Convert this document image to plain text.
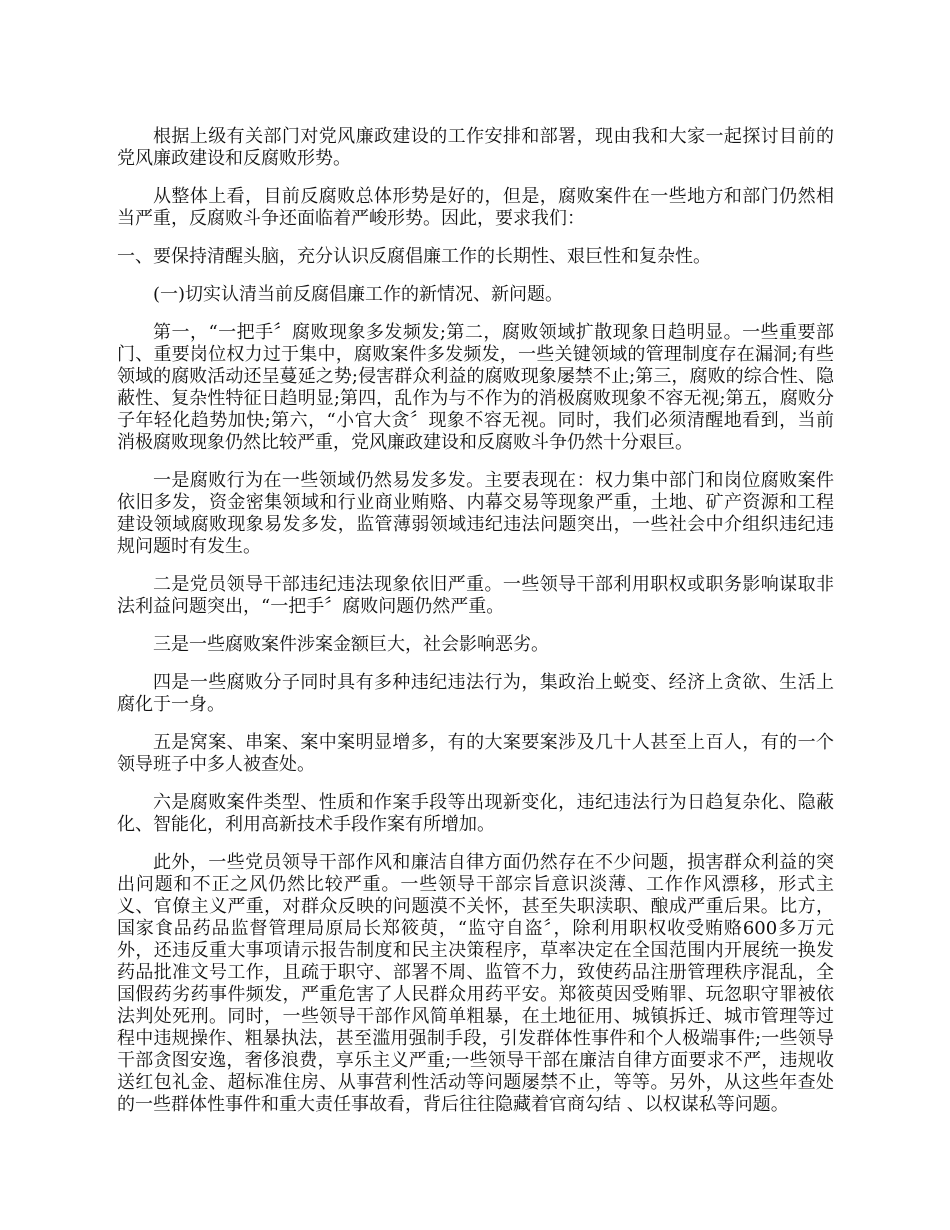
根据上级有关部门对党风廉政建设的工作安排和部署，现由我和大家一起探讨目前的党风廉政建设和反腐败形势。

从整体上看，目前反腐败总体形势是好的，但是，腐败案件在一些地方和部门仍然相当严重，反腐败斗争还面临着严峻形势。因此，要求我们：

一、要保持清醒头脑，充分认识反腐倡廉工作的长期性、艰巨性和复杂性。

(一)切实认清当前反腐倡廉工作的新情况、新问题。

第一，“一把手〞腐败现象多发频发;第二，腐败领域扩散现象日趋明显。一些重要部门、重要岗位权力过于集中，腐败案件多发频发，一些关键领域的管理制度存在漏洞;有些领域的腐败活动还呈蔓延之势;侵害群众利益的腐败现象屡禁不止;第三，腐败的综合性、隐蔽性、复杂性特征日趋明显;第四，乱作为与不作为的消极腐败现象不容无视;第五，腐败分子年轻化趋势加快;第六，“小官大贪〞现象不容无视。同时，我们必须清醒地看到，当前消极腐败现象仍然比较严重，党风廉政建设和反腐败斗争仍然十分艰巨。

一是腐败行为在一些领域仍然易发多发。主要表现在：权力集中部门和岗位腐败案件依旧多发，资金密集领域和行业商业贿赂、内幕交易等现象严重，土地、矿产资源和工程建设领域腐败现象易发多发，监管薄弱领域违纪违法问题突出，一些社会中介组织违纪违规问题时有发生。

二是党员领导干部违纪违法现象依旧严重。一些领导干部利用职权或职务影响谋取非法利益问题突出，“一把手〞腐败问题仍然严重。

三是一些腐败案件涉案金额巨大，社会影响恶劣。

四是一些腐败分子同时具有多种违纪违法行为，集政治上蜕变、经济上贪欲、生活上腐化于一身。

五是窝案、串案、案中案明显增多，有的大案要案涉及几十人甚至上百人，有的一个领导班子中多人被查处。

六是腐败案件类型、性质和作案手段等出现新变化，违纪违法行为日趋复杂化、隐蔽化、智能化，利用高新技术手段作案有所增加。

此外，一些党员领导干部作风和廉洁自律方面仍然存在不少问题，损害群众利益的突出问题和不正之风仍然比较严重。一些领导干部宗旨意识淡薄、工作作风漂移，形式主义、官僚主义严重，对群众反映的问题漠不关怀，甚至失职渎职、酿成严重后果。比方，国家食品药品监督管理局原局长郑筱萸，“监守自盗〞，除利用职权收受贿赂600多万元外，还违反重大事项请示报告制度和民主决策程序，草率决定在全国范围内开展统一换发药品批准文号工作，且疏于职守、部署不周、监管不力，致使药品注册管理秩序混乱，全国假药劣药事件频发，严重危害了人民群众用药平安。郑筱萸因受贿罪、玩忽职守罪被依法判处死刑。同时，一些领导干部作风简单粗暴，在土地征用、城镇拆迁、城市管理等过程中违规操作、粗暴执法，甚至滥用强制手段，引发群体性事件和个人极端事件;一些领导干部贪图安逸，奢侈浪费，享乐主义严重;一些领导干部在廉洁自律方面要求不严，违规收送红包礼金、超标准住房、从事营利性活动等问题屡禁不止，等等。另外，从这些年查处的一些群体性事件和重大责任事故看，背后往往隐藏着官商勾结 、以权谋私等问题。
